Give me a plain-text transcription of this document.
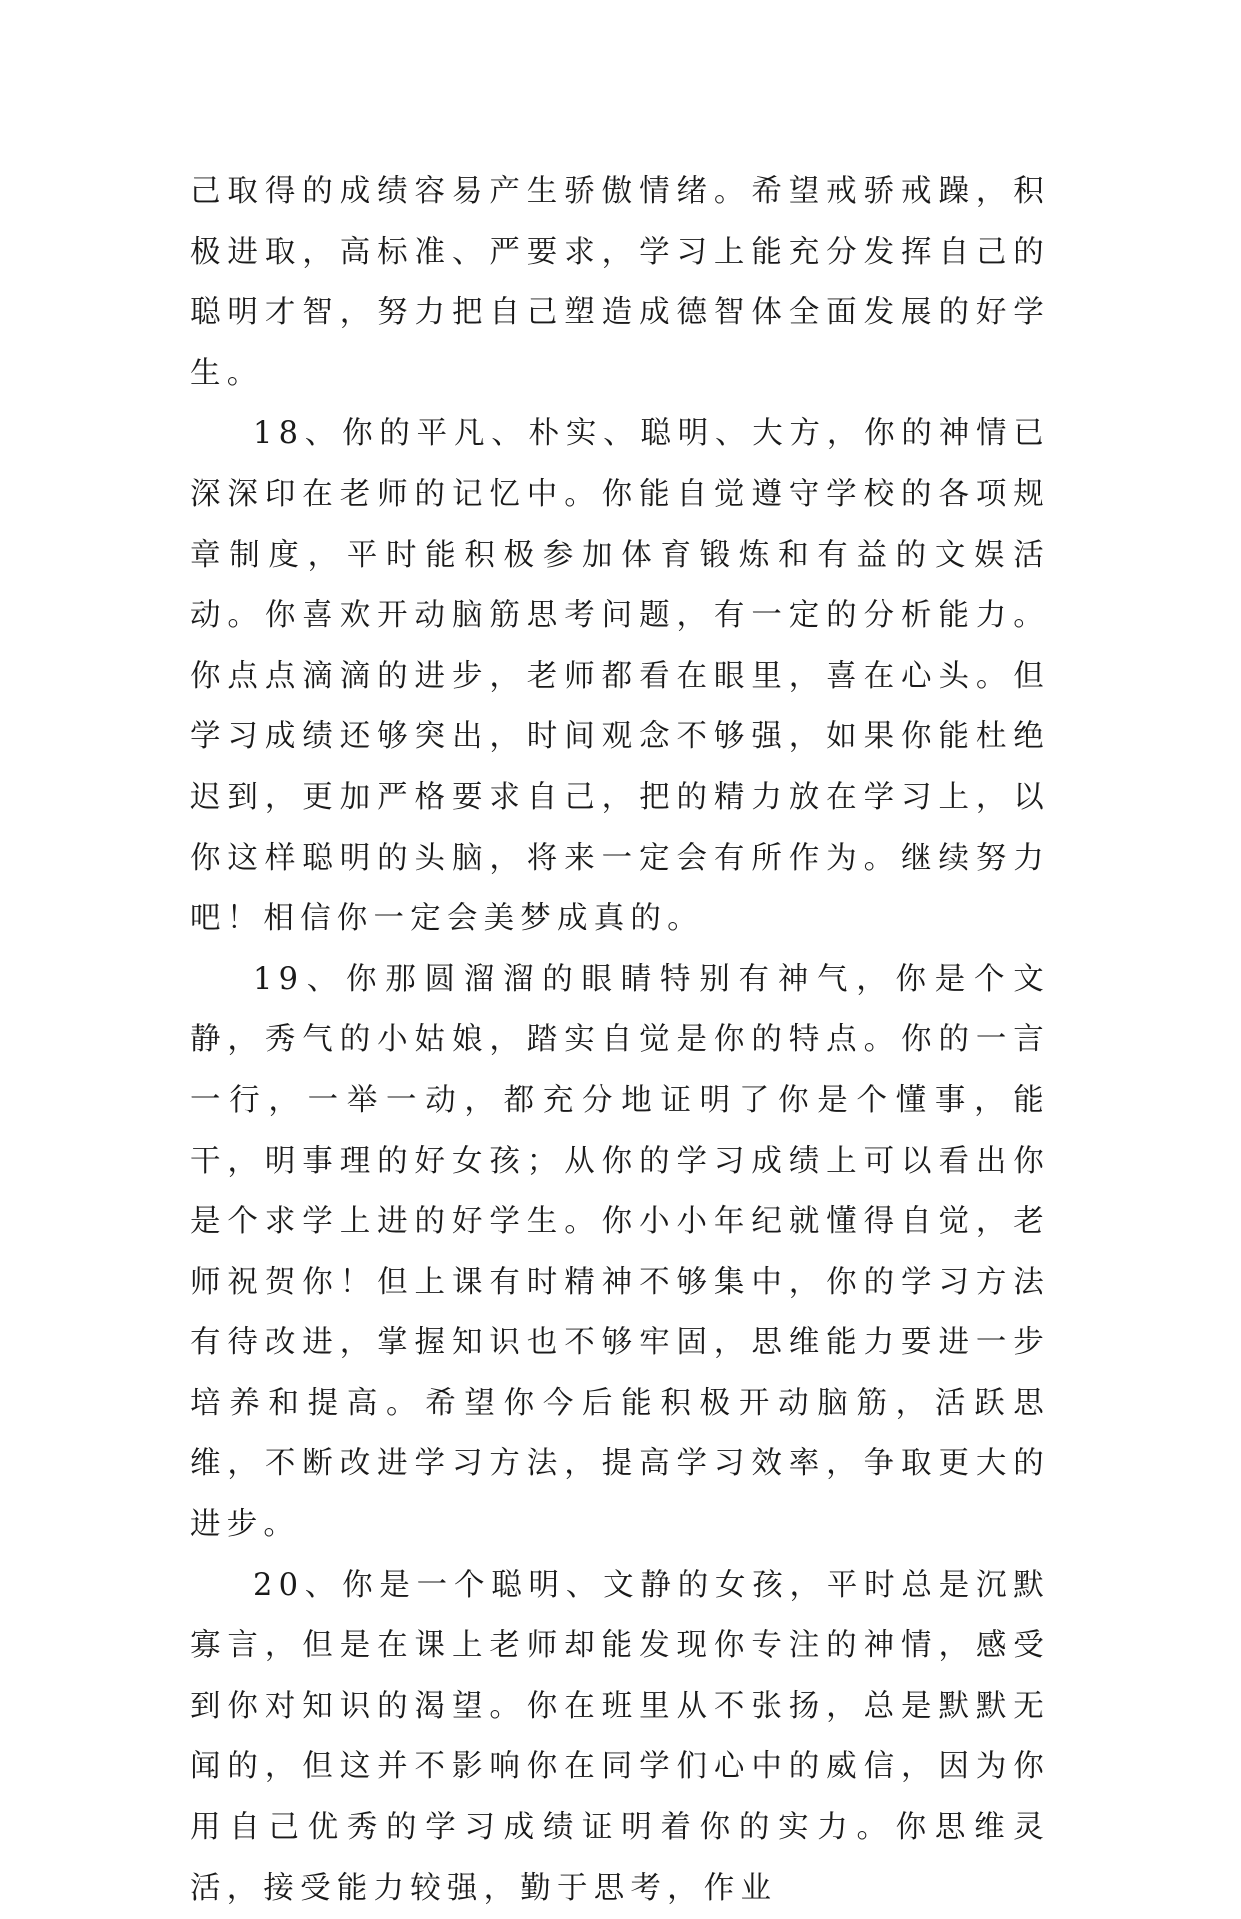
己取得的成绩容易产生骄傲情绪。希望戒骄戒躁，积极进取，高标准、严要求，学习上能充分发挥自己的聪明才智，努力把自己塑造成德智体全面发展的好学生。

18、你的平凡、朴实、聪明、大方，你的神情已深深印在老师的记忆中。你能自觉遵守学校的各项规章制度，平时能积极参加体育锻炼和有益的文娱活动。你喜欢开动脑筋思考问题，有一定的分析能力。你点点滴滴的进步，老师都看在眼里，喜在心头。但学习成绩还够突出，时间观念不够强，如果你能杜绝迟到，更加严格要求自己，把的精力放在学习上，以你这样聪明的头脑，将来一定会有所作为。继续努力吧！相信你一定会美梦成真的。

19、你那圆溜溜的眼睛特别有神气，你是个文静，秀气的小姑娘，踏实自觉是你的特点。你的一言一行，一举一动，都充分地证明了你是个懂事，能干，明事理的好女孩；从你的学习成绩上可以看出你是个求学上进的好学生。你小小年纪就懂得自觉，老师祝贺你！但上课有时精神不够集中，你的学习方法有待改进，掌握知识也不够牢固，思维能力要进一步培养和提高。希望你今后能积极开动脑筋，活跃思维，不断改进学习方法，提高学习效率，争取更大的进步。

20、你是一个聪明、文静的女孩，平时总是沉默寡言，但是在课上老师却能发现你专注的神情，感受到你对知识的渴望。你在班里从不张扬，总是默默无闻的，但这并不影响你在同学们心中的威信，因为你用自己优秀的学习成绩证明着你的实力。你思维灵活，接受能力较强，勤于思考，作业
